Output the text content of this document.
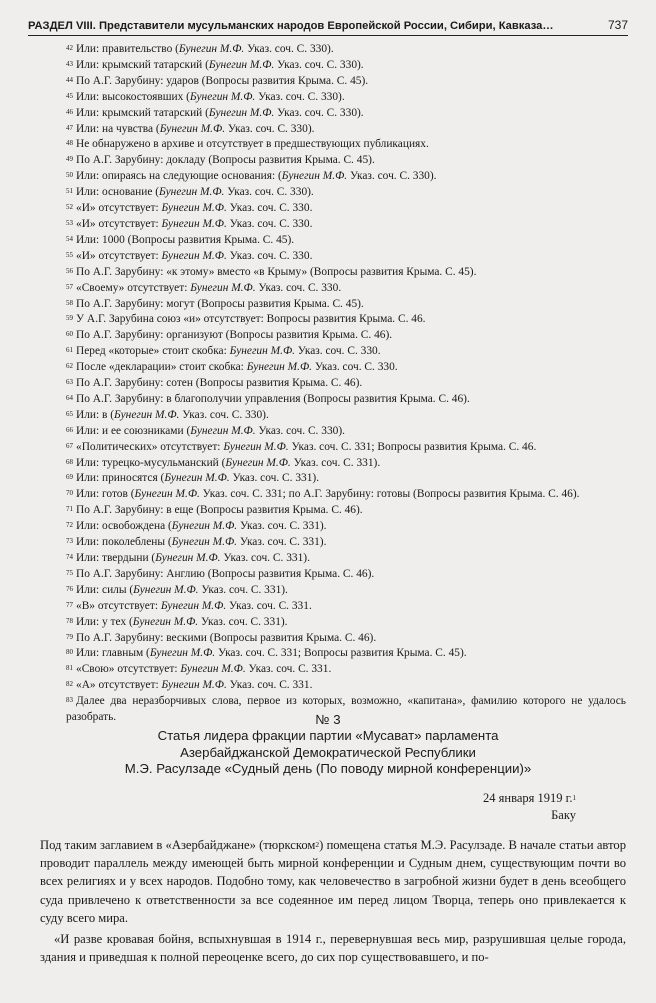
РАЗДЕЛ VIII. Представители мусульманских народов Европейской России, Сибири, Кавказа…	737
$^{42}$ Или: правительство (Бунегин М.Ф. Указ. соч. С. 330).
$^{43}$ Или: крымский татарский (Бунегин М.Ф. Указ. соч. С. 330).
$^{44}$ По А.Г. Зарубину: ударов (Вопросы развития Крыма. С. 45).
$^{45}$ Или: высокостоявших (Бунегин М.Ф. Указ. соч. С. 330).
$^{46}$ Или: крымский татарский (Бунегин М.Ф. Указ. соч. С. 330).
$^{47}$ Или: на чувства (Бунегин М.Ф. Указ. соч. С. 330).
$^{48}$ Не обнаружено в архиве и отсутствует в предшествующих публикациях.
$^{49}$ По А.Г. Зарубину: докладу (Вопросы развития Крыма. С. 45).
$^{50}$ Или: опираясь на следующие основания: (Бунегин М.Ф. Указ. соч. С. 330).
$^{51}$ Или: основание (Бунегин М.Ф. Указ. соч. С. 330).
$^{52}$ «И» отсутствует: Бунегин М.Ф. Указ. соч. С. 330.
$^{53}$ «И» отсутствует: Бунегин М.Ф. Указ. соч. С. 330.
$^{54}$ Или: 1000 (Вопросы развития Крыма. С. 45).
$^{55}$ «И» отсутствует: Бунегин М.Ф. Указ. соч. С. 330.
$^{56}$ По А.Г. Зарубину: «к этому» вместо «в Крыму» (Вопросы развития Крыма. С. 45).
$^{57}$ «Своему» отсутствует: Бунегин М.Ф. Указ. соч. С. 330.
$^{58}$ По А.Г. Зарубину: могут (Вопросы развития Крыма. С. 45).
$^{59}$ У А.Г. Зарубина союз «и» отсутствует: Вопросы развития Крыма. С. 46.
$^{60}$ По А.Г. Зарубину: организуют (Вопросы развития Крыма. С. 46).
$^{61}$ Перед «которые» стоит скобка: Бунегин М.Ф. Указ. соч. С. 330.
$^{62}$ После «декларации» стоит скобка: Бунегин М.Ф. Указ. соч. С. 330.
$^{63}$ По А.Г. Зарубину: сотен (Вопросы развития Крыма. С. 46).
$^{64}$ По А.Г. Зарубину: в благополучии управления (Вопросы развития Крыма. С. 46).
$^{65}$ Или: в (Бунегин М.Ф. Указ. соч. С. 330).
$^{66}$ Или: и ее союзниками (Бунегин М.Ф. Указ. соч. С. 330).
$^{67}$ «Политических» отсутствует: Бунегин М.Ф. Указ. соч. С. 331; Вопросы развития Крыма. С. 46.
$^{68}$ Или: турецко-мусульманский (Бунегин М.Ф. Указ. соч. С. 331).
$^{69}$ Или: приносятся (Бунегин М.Ф. Указ. соч. С. 331).
$^{70}$ Или: готов (Бунегин М.Ф. Указ. соч. С. 331; по А.Г. Зарубину: готовы (Вопросы развития Крыма. С. 46).
$^{71}$ По А.Г. Зарубину: в еще (Вопросы развития Крыма. С. 46).
$^{72}$ Или: освобождена (Бунегин М.Ф. Указ. соч. С. 331).
$^{73}$ Или: поколеблены (Бунегин М.Ф. Указ. соч. С. 331).
$^{74}$ Или: твердыни (Бунегин М.Ф. Указ. соч. С. 331).
$^{75}$ По А.Г. Зарубину: Англию (Вопросы развития Крыма. С. 46).
$^{76}$ Или: силы (Бунегин М.Ф. Указ. соч. С. 331).
$^{77}$ «В» отсутствует: Бунегин М.Ф. Указ. соч. С. 331.
$^{78}$ Или: у тех (Бунегин М.Ф. Указ. соч. С. 331).
$^{79}$ По А.Г. Зарубину: вескими (Вопросы развития Крыма. С. 46).
$^{80}$ Или: главным (Бунегин М.Ф. Указ. соч. С. 331; Вопросы развития Крыма. С. 45).
$^{81}$ «Свою» отсутствует: Бунегин М.Ф. Указ. соч. С. 331.
$^{82}$ «А» отсутствует: Бунегин М.Ф. Указ. соч. С. 331.
$^{83}$ Далее два неразборчивых слова, первое из которых, возможно, «капитана», фамилию которого не удалось разобрать.	№ 3
Статья лидера фракции партии «Мусават» парламента
Азербайджанской Демократической Республики
М.Э. Расулзаде «Судный день (По поводу мирной конференции)»
24 января 1919 г.$^1$
Баку

Под таким заглавием в «Азербайджане» (тюркском$^2$) помещена статья М.Э. Расулзаде. В начале статьи автор проводит параллель между имеющей быть мирной конференции и Судным днем, существующим почти во всех религиях и у всех народов. Подобно тому, как человечество в загробной жизни будет в день всеобщего суда привлечено к ответственности за все содеянное им перед лицом Творца, теперь оно привлекается к суду всего мира.

«И разве кровавая бойня, вспыхнувшая в 1914 г., перевернувшая весь мир, разрушившая целые города, здания и приведшая к полной переоценке всего, до сих пор существовавшего, и по-
